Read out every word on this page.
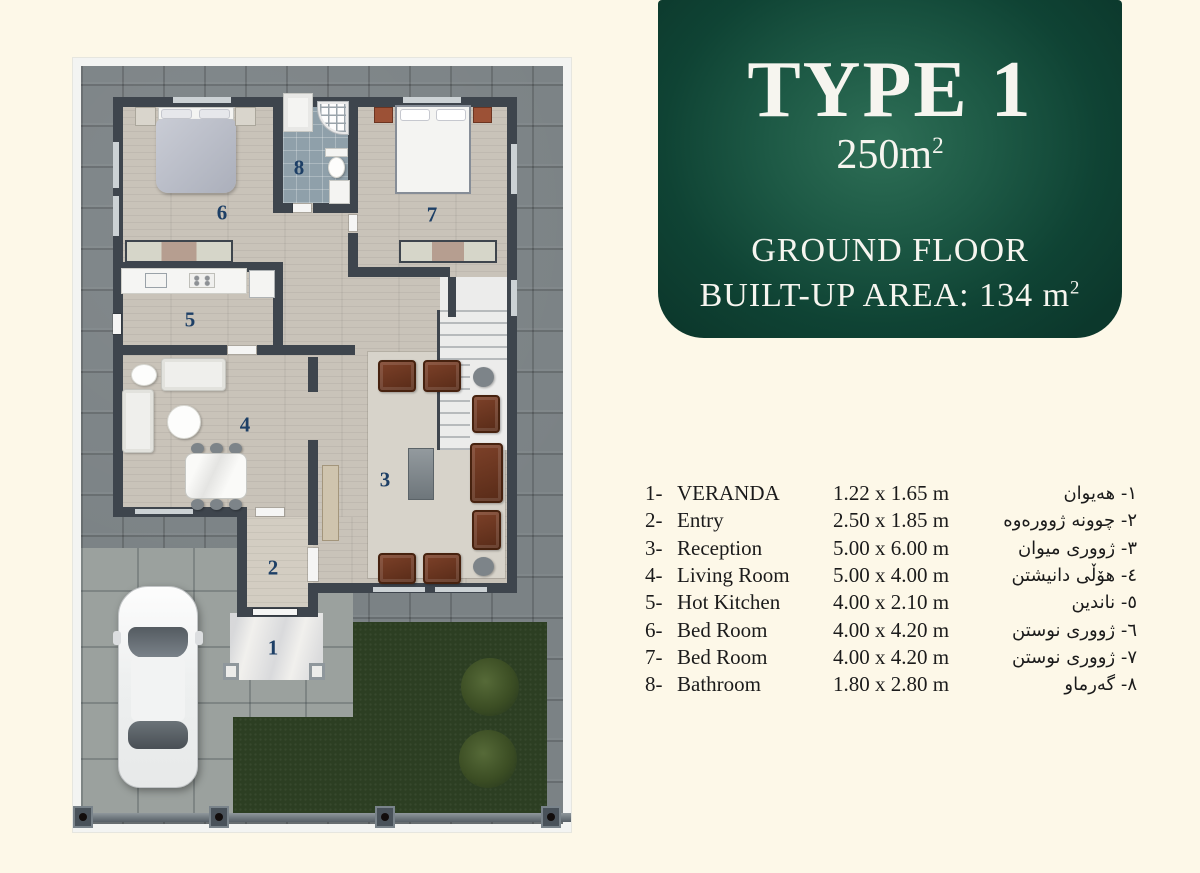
1
2
3
4
5
6	7
8
TYPE 1
$250m^2$
GROUND FLOOR
BUILT-UP AREA: 134 $m^2$
1- VERANDA	1.22 x 1.65 m	١- هەیوان
2- Entry	2.50 x 1.85 m	٢- چوونە ژوورەوە
3- Reception	5.00 x 6.00 m	٣- ژووری میوان
4- Living Room	5.00 x 4.00 m	٤- هۆڵی دانیشتن
5- Hot Kitchen	4.00 x 2.10 m	٥- ناندین
6- Bed Room	4.00 x 4.20 m	٦- ژووری نوستن
7- Bed Room	4.00 x 4.20 m	٧- ژووری نوستن
8- Bathroom	1.80 x 2.80 m	٨- گەرماو
